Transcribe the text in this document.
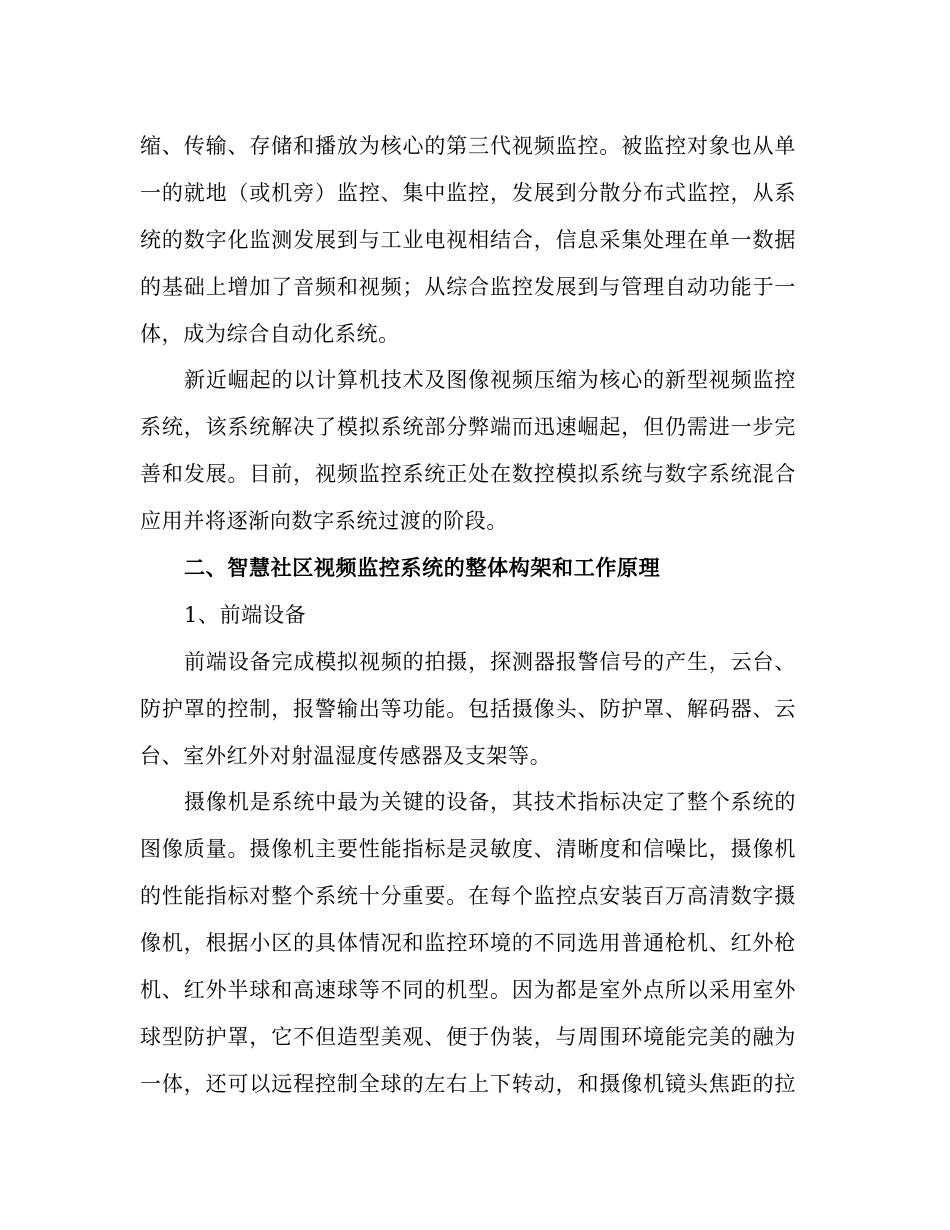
缩、传输、存储和播放为核心的第三代视频监控。被监控对象也从单
一的就地（或机旁）监控、集中监控，发展到分散分布式监控，从系
统的数字化监测发展到与工业电视相结合，信息采集处理在单一数据
的基础上增加了音频和视频；从综合监控发展到与管理自动功能于一
体，成为综合自动化系统。
新近崛起的以计算机技术及图像视频压缩为核心的新型视频监控
系统，该系统解决了模拟系统部分弊端而迅速崛起，但仍需进一步完
善和发展。目前，视频监控系统正处在数控模拟系统与数字系统混合
应用并将逐渐向数字系统过渡的阶段。
二、智慧社区视频监控系统的整体构架和工作原理
1、前端设备
前端设备完成模拟视频的拍摄，探测器报警信号的产生，云台、
防护罩的控制，报警输出等功能。包括摄像头、防护罩、解码器、云
台、室外红外对射温湿度传感器及支架等。
摄像机是系统中最为关键的设备，其技术指标决定了整个系统的
图像质量。摄像机主要性能指标是灵敏度、清晰度和信噪比，摄像机
的性能指标对整个系统十分重要。在每个监控点安装百万高清数字摄
像机，根据小区的具体情况和监控环境的不同选用普通枪机、红外枪
机、红外半球和高速球等不同的机型。因为都是室外点所以采用室外
球型防护罩，它不但造型美观、便于伪装，与周围环境能完美的融为
一体，还可以远程控制全球的左右上下转动，和摄像机镜头焦距的拉
